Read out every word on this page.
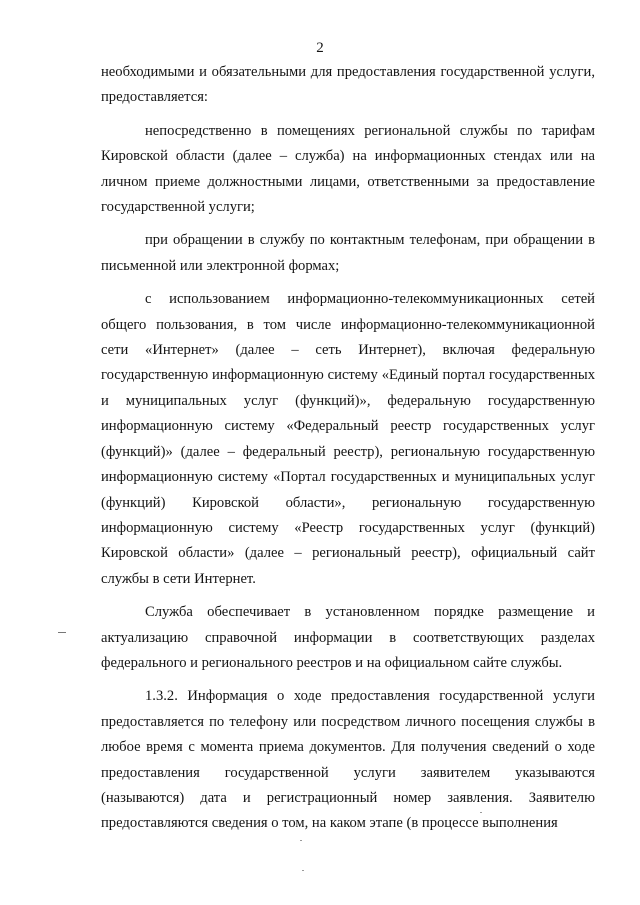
2

необходимыми и обязательными для предоставления государственной услуги, предоставляется:

непосредственно в помещениях региональной службы по тарифам Кировской области (далее – служба) на информационных стендах или на личном приеме должностными лицами, ответственными за предоставление государственной услуги;

при обращении в службу по контактным телефонам, при обращении в письменной или электронной формах;

с использованием информационно-телекоммуникационных сетей общего пользования, в том числе информационно-телекоммуникационной сети «Интернет» (далее – сеть Интернет), включая федеральную государственную информационную систему «Единый портал государственных и муниципальных услуг (функций)», федеральную государственную информационную систему «Федеральный реестр государственных услуг (функций)» (далее – федеральный реестр), региональную государственную информационную систему «Портал государственных и муниципальных услуг (функций) Кировской области», региональную государственную информационную систему «Реестр государственных услуг (функций) Кировской области» (далее – региональный реестр), официальный сайт службы в сети Интернет.

Служба обеспечивает в установленном порядке размещение и актуализацию справочной информации в соответствующих разделах федерального и регионального реестров и на официальном сайте службы.

1.3.2. Информация о ходе предоставления государственной услуги предоставляется по телефону или посредством личного посещения службы в любое время с момента приема документов. Для получения сведений о ходе предоставления государственной услуги заявителем указываются (называются) дата и регистрационный номер заявления. Заявителю предоставляются сведения о том, на каком этапе (в процессе выполнения
